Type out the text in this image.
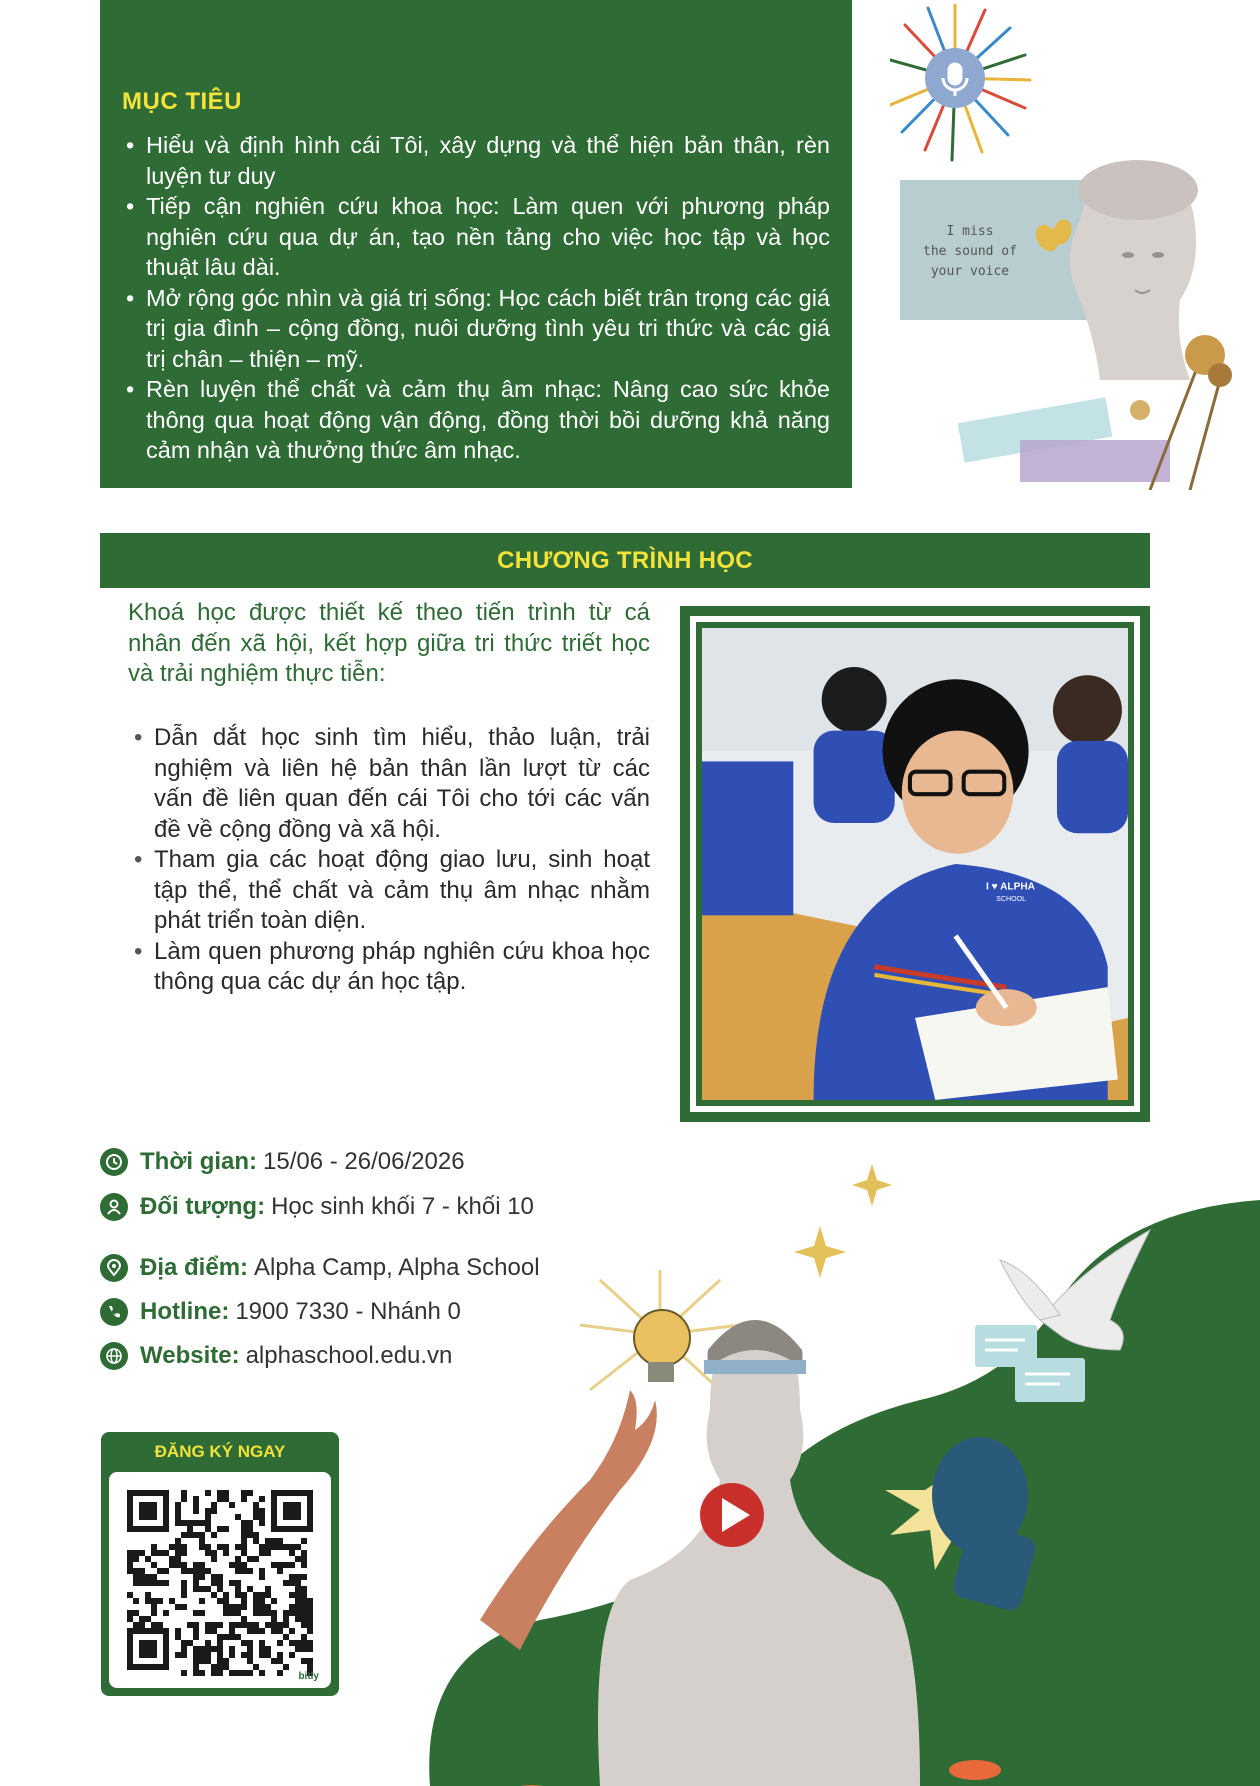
MỤC TIÊU
• Hiểu và định hình cái Tôi, xây dựng và thể hiện bản thân, rèn luyện tư duy
• Tiếp cận nghiên cứu khoa học: Làm quen với phương pháp nghiên cứu qua dự án, tạo nền tảng cho việc học tập và học thuật lâu dài.
• Mở rộng góc nhìn và giá trị sống: Học cách biết trân trọng các giá trị gia đình – cộng đồng, nuôi dưỡng tình yêu tri thức và các giá trị chân – thiện – mỹ.
• Rèn luyện thể chất và cảm thụ âm nhạc: Nâng cao sức khỏe thông qua hoạt động vận động, đồng thời bồi dưỡng khả năng cảm nhận và thưởng thức âm nhạc.
I miss
the sound of
your voice
CHƯƠNG TRÌNH HỌC

Khoá học được thiết kế theo tiến trình từ cá nhân đến xã hội, kết hợp giữa tri thức triết học và trải nghiệm thực tiễn:

• Dẫn dắt học sinh tìm hiểu, thảo luận, trải nghiệm và liên hệ bản thân lần lượt từ các vấn đề liên quan đến cái Tôi cho tới các vấn đề về cộng đồng và xã hội.
• Tham gia các hoạt động giao lưu, sinh hoạt tập thể, thể chất và cảm thụ âm nhạc nhằm phát triển toàn diện.
• Làm quen phương pháp nghiên cứu khoa học thông qua các dự án học tập.
I ♥ ALPHA
SCHOOL
Thời gian: 15/06 - 26/06/2026
Đối tượng: Học sinh khối 7 - khối 10
Địa điểm: Alpha Camp, Alpha School
Hotline: 1900 7330 - Nhánh 0
Website: alphaschool.edu.vn
ĐĂNG KÝ NGAY
bitly
